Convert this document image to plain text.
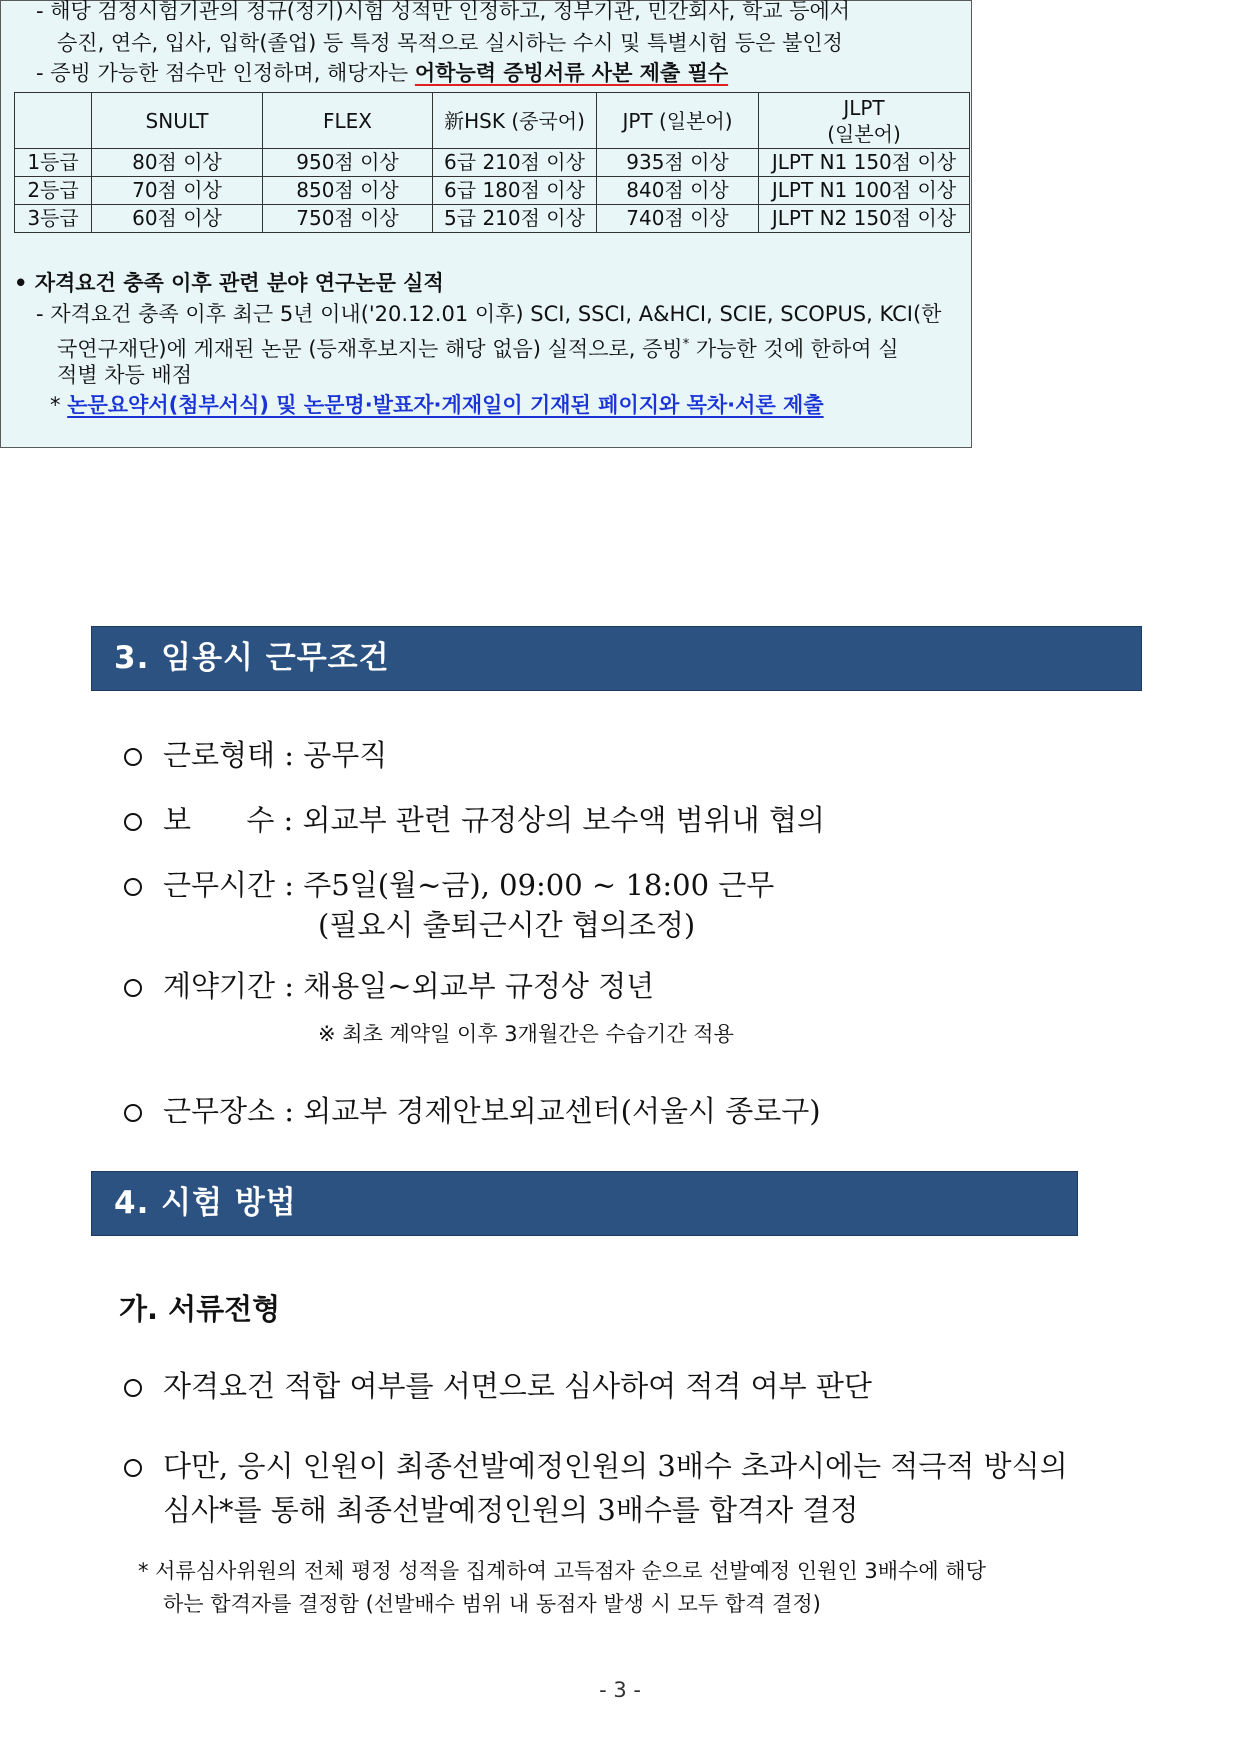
- 해당 검정시험기관의 정규(정기)시험 성적만 인정하고, 정부기관, 민간회사, 학교 등에서
승진, 연수, 입사, 입학(졸업) 등 특정 목적으로 실시하는 수시 및 특별시험 등은 불인정
- 증빙 가능한 점수만 인정하며, 해당자는 어학능력 증빙서류 사본 제출 필수
	SNULT	FLEX	新HSK (중국어)	JPT (일본어)	JLPT
(일본어)
1등급	80점 이상	950점 이상	6급 210점 이상	935점 이상	JLPT N1 150점 이상
2등급	70점 이상	850점 이상	6급 180점 이상	840점 이상	JLPT N1 100점 이상
3등급	60점 이상	750점 이상	5급 210점 이상	740점 이상	JLPT N2 150점 이상
• 자격요건 충족 이후 관련 분야 연구논문 실적
- 자격요건 충족 이후 최근 5년 이내('20.12.01 이후) SCI, SSCI, A&HCI, SCIE, SCOPUS, KCI(한
국연구재단)에 게재된 논문 (등재후보지는 해당 없음) 실적으로, 증빙* 가능한 것에 한하여 실
적별 차등 배점
* 논문요약서(첨부서식) 및 논문명·발표자·게재일이 기재된 페이지와 목차·서론 제출
3. 임용시 근무조건
근로형태 : 공무직
보      수 : 외교부 관련 규정상의 보수액 범위내 협의
근무시간 : 주5일(월~금), 09:00 ~ 18:00 근무
(필요시 출퇴근시간 협의조정)
계약기간 : 채용일~외교부 규정상 정년
※ 최초 계약일 이후 3개월간은 수습기간 적용
근무장소 : 외교부 경제안보외교센터(서울시 종로구)
4. 시험 방법
가. 서류전형
자격요건 적합 여부를 서면으로 심사하여 적격 여부 판단
다만, 응시 인원이 최종선발예정인원의 3배수 초과시에는 적극적 방식의
심사*를 통해 최종선발예정인원의 3배수를 합격자 결정
* 서류심사위원의 전체 평정 성적을 집계하여 고득점자 순으로 선발예정 인원인 3배수에 해당
하는 합격자를 결정함 (선발배수 범위 내 동점자 발생 시 모두 합격 결정)
- 3 -
